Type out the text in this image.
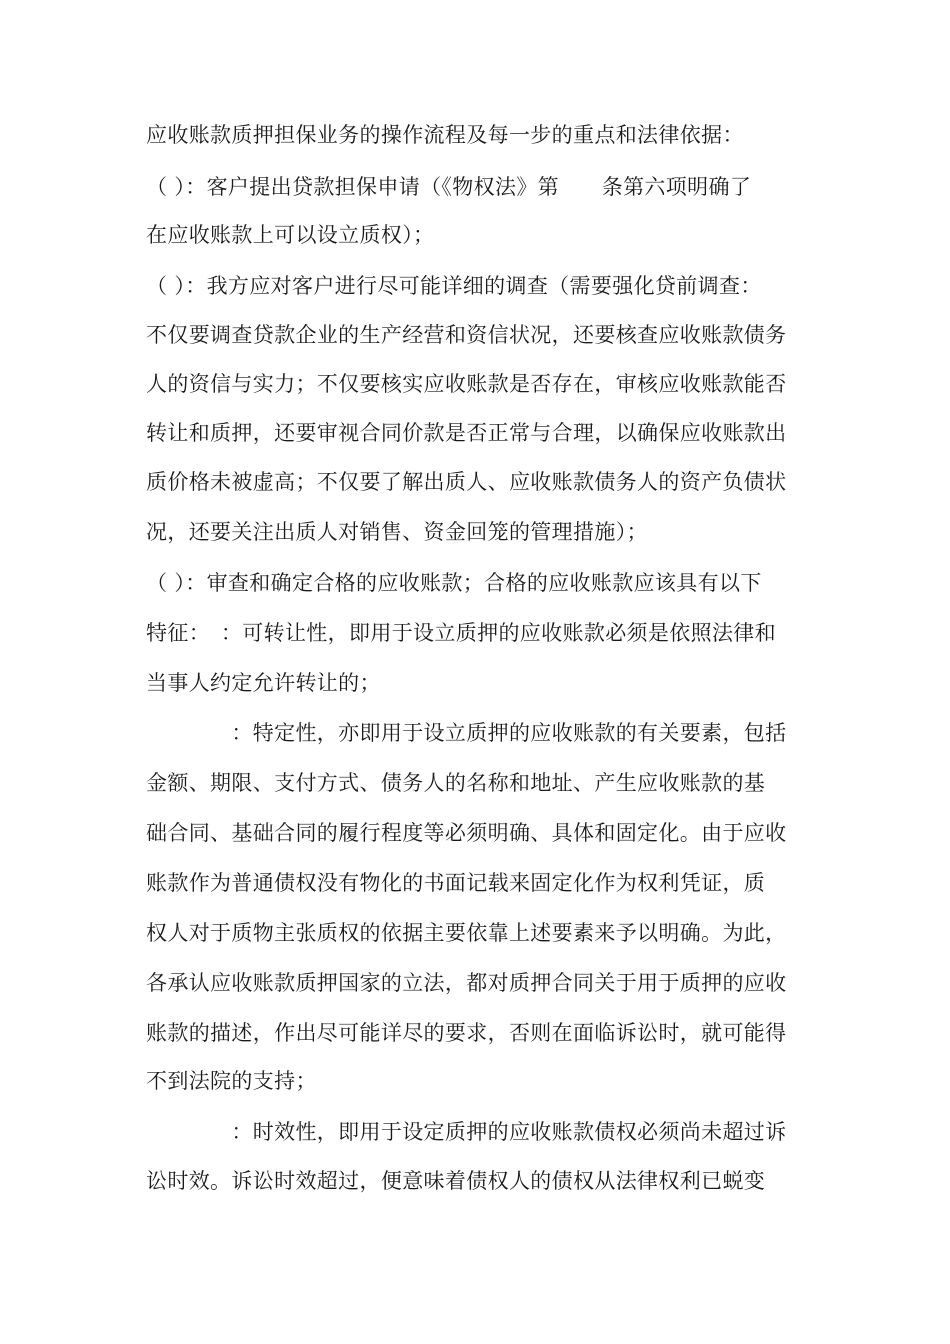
应收账款质押担保业务的操作流程及每一步的重点和法律依据：
（ ）：客户提出贷款担保申请（《物权法》第　　条第六项明确了
在应收账款上可以设立质权）；
（ ）：我方应对客户进行尽可能详细的调查（需要强化贷前调查：
不仅要调查贷款企业的生产经营和资信状况，还要核查应收账款债务
人的资信与实力；不仅要核实应收账款是否存在，审核应收账款能否
转让和质押，还要审视合同价款是否正常与合理，以确保应收账款出
质价格未被虚高；不仅要了解出质人、应收账款债务人的资产负债状
况，还要关注出质人对销售、资金回笼的管理措施）；
（ ）：审查和确定合格的应收账款；合格的应收账款应该具有以下
特征：　：可转让性，即用于设立质押的应收账款必须是依照法律和
当事人约定允许转让的；
　　　　：特定性，亦即用于设立质押的应收账款的有关要素，包括
金额、期限、支付方式、债务人的名称和地址、产生应收账款的基
础合同、基础合同的履行程度等必须明确、具体和固定化。由于应收
账款作为普通债权没有物化的书面记载来固定化作为权利凭证，质
权人对于质物主张质权的依据主要依靠上述要素来予以明确。为此，
各承认应收账款质押国家的立法，都对质押合同关于用于质押的应收
账款的描述，作出尽可能详尽的要求，否则在面临诉讼时，就可能得
不到法院的支持；
　　　　：时效性，即用于设定质押的应收账款债权必须尚未超过诉
讼时效。诉讼时效超过，便意味着债权人的债权从法律权利已蜕变
